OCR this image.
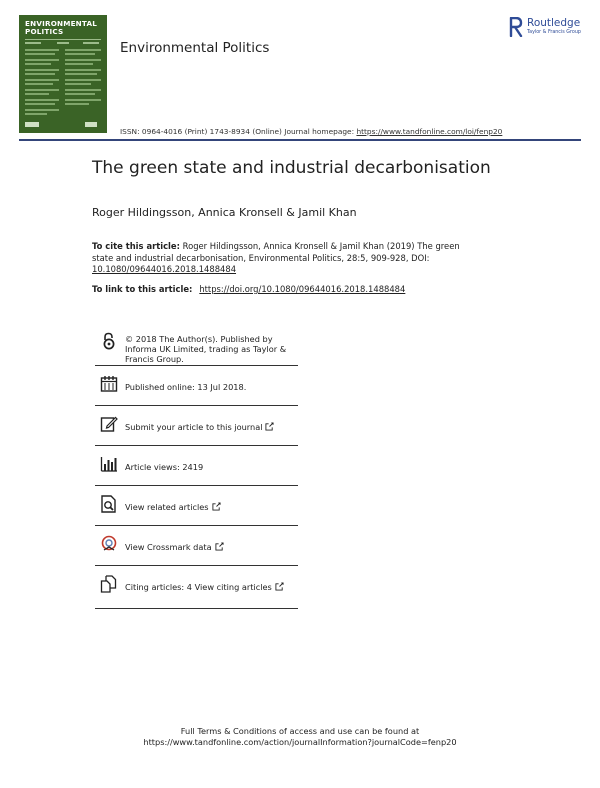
ENVIRONMENTAL
POLITICS
Environmental Politics
ISSN: 0964-4016 (Print) 1743-8934 (Online) Journal homepage: https://www.tandfonline.com/loi/fenp20
Routledge
Taylor & Francis Group
The green state and industrial decarbonisation
Roger Hildingsson, Annica Kronsell & Jamil Khan
To cite this article: Roger Hildingsson, Annica Kronsell & Jamil Khan (2019) The green state and industrial decarbonisation, Environmental Politics, 28:5, 909-928, DOI: 10.1080/09644016.2018.1488484
To link to this article: https://doi.org/10.1080/09644016.2018.1488484
© 2018 The Author(s). Published by Informa UK Limited, trading as Taylor & Francis Group.
Published online: 13 Jul 2018.
Submit your article to this journal
Article views: 2419
View related articles
View Crossmark data
Citing articles: 4 View citing articles
Full Terms & Conditions of access and use can be found at
https://www.tandfonline.com/action/journalInformation?journalCode=fenp20
